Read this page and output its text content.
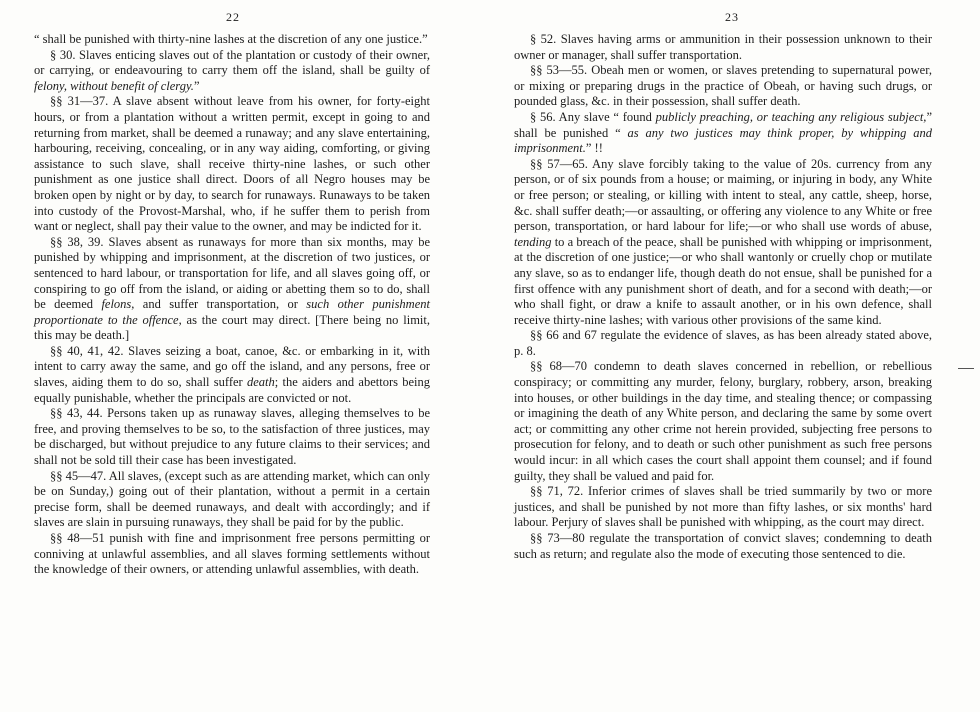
22

“ shall be punished with thirty-nine lashes at the discretion of any one justice.”

§ 30. Slaves enticing slaves out of the plantation or custody of their owner, or carrying, or endeavouring to carry them off the island, shall be guilty of felony, without benefit of clergy.”

§§ 31—37. A slave absent without leave from his owner, for forty-eight hours, or from a plantation without a written permit, except in going to and returning from market, shall be deemed a runaway; and any slave entertaining, harbouring, receiving, concealing, or in any way aiding, comforting, or giving assistance to such slave, shall receive thirty-nine lashes, or such other punishment as one justice shall direct. Doors of all Negro houses may be broken open by night or by day, to search for runaways. Runaways to be taken into custody of the Provost-Marshal, who, if he suffer them to perish from want or neglect, shall pay their value to the owner, and may be indicted for it.

§§ 38, 39. Slaves absent as runaways for more than six months, may be punished by whipping and imprisonment, at the discretion of two justices, or sentenced to hard labour, or transportation for life, and all slaves going off, or conspiring to go off from the island, or aiding or abetting them so to do, shall be deemed felons, and suffer transportation, or such other punishment proportionate to the offence, as the court may direct. [There being no limit, this may be death.]

§§ 40, 41, 42. Slaves seizing a boat, canoe, &c. or embarking in it, with intent to carry away the same, and go off the island, and any persons, free or slaves, aiding them to do so, shall suffer death; the aiders and abettors being equally punishable, whether the principals are convicted or not.

§§ 43, 44. Persons taken up as runaway slaves, alleging themselves to be free, and proving themselves to be so, to the satisfaction of three justices, may be discharged, but without prejudice to any future claims to their services; and shall not be sold till their case has been investigated.

§§ 45—47. All slaves, (except such as are attending market, which can only be on Sunday,) going out of their plantation, without a permit in a certain precise form, shall be deemed runaways, and dealt with accordingly; and if slaves are slain in pursuing runaways, they shall be paid for by the public.

§§ 48—51 punish with fine and imprisonment free persons permitting or conniving at unlawful assemblies, and all slaves forming settlements without the knowledge of their owners, or attending unlawful assemblies, with death.

23

§ 52. Slaves having arms or ammunition in their possession unknown to their owner or manager, shall suffer transportation.

§§ 53—55. Obeah men or women, or slaves pretending to supernatural power, or mixing or preparing drugs in the practice of Obeah, or having such drugs, or pounded glass, &c. in their possession, shall suffer death.

§ 56. Any slave “ found publicly preaching, or teaching any religious subject,” shall be punished “ as any two justices may think proper, by whipping and imprisonment.” !!

§§ 57—65. Any slave forcibly taking to the value of 20s. currency from any person, or of six pounds from a house; or maiming, or injuring in body, any White or free person; or stealing, or killing with intent to steal, any cattle, sheep, horse, &c. shall suffer death;—or assaulting, or offering any violence to any White or free person, transportation, or hard labour for life;—or who shall use words of abuse, tending to a breach of the peace, shall be punished with whipping or imprisonment, at the discretion of one justice;—or who shall wantonly or cruelly chop or mutilate any slave, so as to endanger life, though death do not ensue, shall be punished for a first offence with any punishment short of death, and for a second with death;—or who shall fight, or draw a knife to assault another, or in his own defence, shall receive thirty-nine lashes; with various other provisions of the same kind.

§§ 66 and 67 regulate the evidence of slaves, as has been already stated above, p. 8.

§§ 68—70 condemn to death slaves concerned in rebellion, or rebellious conspiracy; or committing any murder, felony, burglary, robbery, arson, breaking into houses, or other buildings in the day time, and stealing thence; or compassing or imagining the death of any White person, and declaring the same by some overt act; or committing any other crime not herein provided, subjecting free persons to prosecution for felony, and to death or such other punishment as such free persons would incur: in all which cases the court shall appoint them counsel; and if found guilty, they shall be valued and paid for.

§§ 71, 72. Inferior crimes of slaves shall be tried summarily by two or more justices, and shall be punished by not more than fifty lashes, or six months' hard labour. Perjury of slaves shall be punished with whipping, as the court may direct.

§§ 73—80 regulate the transportation of convict slaves; condemning to death such as return; and regulate also the mode of executing those sentenced to die.
